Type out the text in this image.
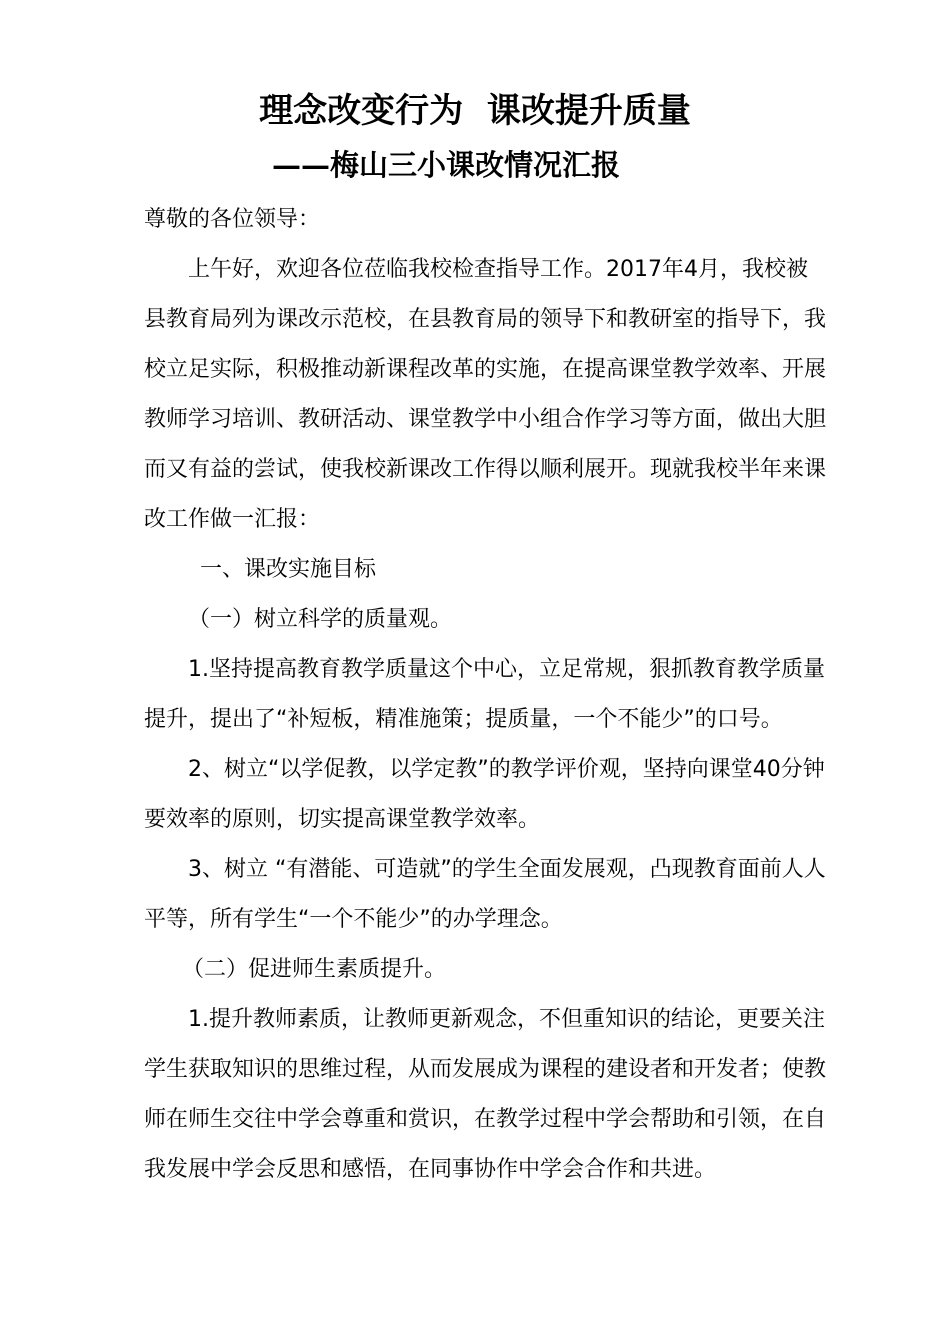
理念改变行为  课改提升质量
——梅山三小课改情况汇报

尊敬的各位领导：

上午好，欢迎各位莅临我校检查指导工作。2017年4月，我校被县教育局列为课改示范校，在县教育局的领导下和教研室的指导下，我校立足实际，积极推动新课程改革的实施，在提高课堂教学效率、开展教师学习培训、教研活动、课堂教学中小组合作学习等方面，做出大胆而又有益的尝试，使我校新课改工作得以顺利展开。现就我校半年来课改工作做一汇报：

一、课改实施目标

（一）树立科学的质量观。

1.坚持提高教育教学质量这个中心，立足常规，狠抓教育教学质量提升，提出了“补短板，精准施策；提质量，一个不能少”的口号。

2、树立“以学促教，以学定教”的教学评价观，坚持向课堂40分钟要效率的原则，切实提高课堂教学效率。

3、树立 “有潜能、可造就”的学生全面发展观，凸现教育面前人人平等，所有学生“一个不能少”的办学理念。

（二）促进师生素质提升。

1.提升教师素质，让教师更新观念，不但重知识的结论，更要关注学生获取知识的思维过程，从而发展成为课程的建设者和开发者；使教师在师生交往中学会尊重和赏识，在教学过程中学会帮助和引领，在自我发展中学会反思和感悟，在同事协作中学会合作和共进。
